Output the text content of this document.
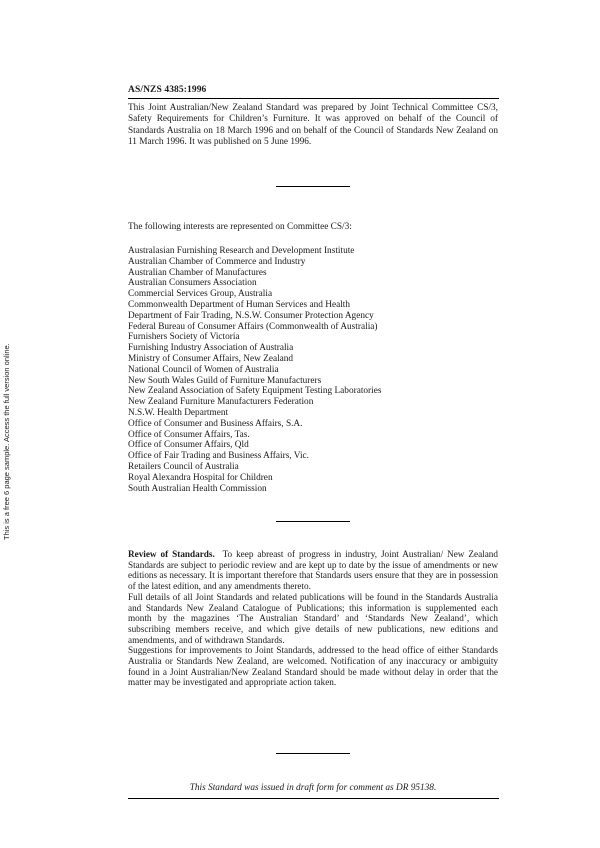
This is a free 6 page sample. Access the full version online.
AS/NZS 4385:1996

This Joint Australian/New Zealand Standard was prepared by Joint Technical Committee CS/3, Safety Requirements for Children’s Furniture. It was approved on behalf of the Council of Standards Australia on 18 March 1996 and on behalf of the Council of Standards New Zealand on 11 March 1996. It was published on 5 June 1996.

The following interests are represented on Committee CS/3:

Australasian Furnishing Research and Development Institute
Australian Chamber of Commerce and Industry
Australian Chamber of Manufactures
Australian Consumers Association
Commercial Services Group, Australia
Commonwealth Department of Human Services and Health
Department of Fair Trading, N.S.W. Consumer Protection Agency
Federal Bureau of Consumer Affairs (Commonwealth of Australia)
Furnishers Society of Victoria
Furnishing Industry Association of Australia
Ministry of Consumer Affairs, New Zealand
National Council of Women of Australia
New South Wales Guild of Furniture Manufacturers
New Zealand Association of Safety Equipment Testing Laboratories
New Zealand Furniture Manufacturers Federation
N.S.W. Health Department
Office of Consumer and Business Affairs, S.A.
Office of Consumer Affairs, Tas.
Office of Consumer Affairs, Qld
Office of Fair Trading and Business Affairs, Vic.
Retailers Council of Australia
Royal Alexandra Hospital for Children
South Australian Health Commission

Review of Standards. To keep abreast of progress in industry, Joint Australian/ New Zealand Standards are subject to periodic review and are kept up to date by the issue of amendments or new editions as necessary. It is important therefore that Standards users ensure that they are in possession of the latest edition, and any amendments thereto.

Full details of all Joint Standards and related publications will be found in the Standards Australia and Standards New Zealand Catalogue of Publications; this information is supplemented each month by the magazines ‘The Australian Standard’ and ‘Standards New Zealand’, which subscribing members receive, and which give details of new publications, new editions and amendments, and of withdrawn Standards.

Suggestions for improvements to Joint Standards, addressed to the head office of either Standards Australia or Standards New Zealand, are welcomed. Notification of any inaccuracy or ambiguity found in a Joint Australian/New Zealand Standard should be made without delay in order that the matter may be investigated and appropriate action taken.

This Standard was issued in draft form for comment as DR 95138.
